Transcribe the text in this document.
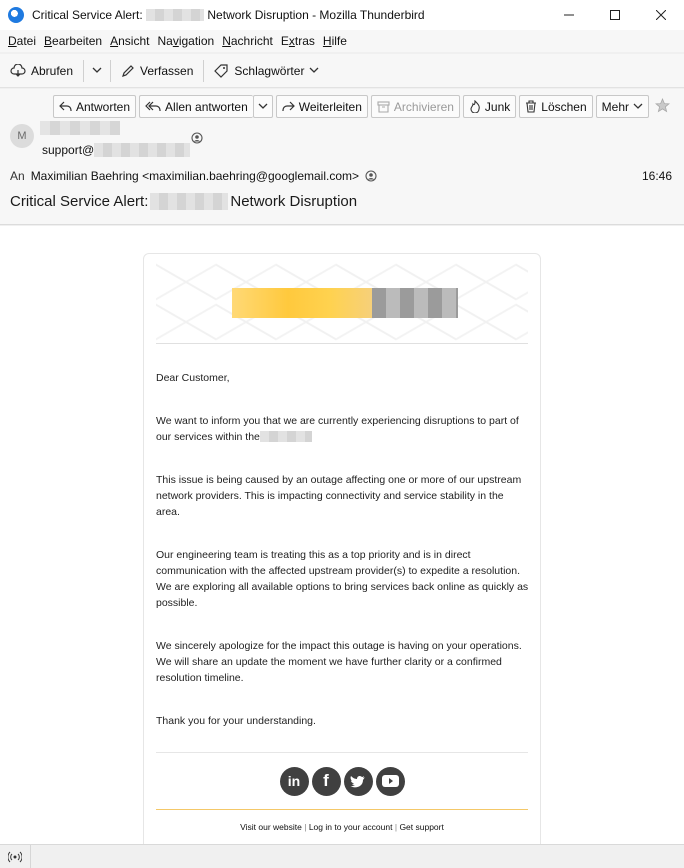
Critical Service Alert:	Network Disruption - Mozilla Thunderbird
Datei Bearbeiten Ansicht Navigation Nachricht Extras Hilfe
Abrufen	Verfassen	Schlagwörter
Antworten	Allen antworten	Weiterleiten	Archivieren	Junk	Löschen Mehr
M
support@
An Maximilian Baehring <maximilian.baehring@googlemail.com>	16:46
Critical Service Alert:	Network Disruption

Dear Customer,

We want to inform you that we are currently experiencing disruptions to part of our services within the

This issue is being caused by an outage affecting one or more of our upstream network providers. This is impacting connectivity and service stability in the area.

Our engineering team is treating this as a top priority and is in direct communication with the affected upstream provider(s) to expedite a resolution. We are exploring all available options to bring services back online as quickly as possible.

We sincerely apologize for the impact this outage is having on your operations. We will share an update the moment we have further clarity or a confirmed resolution timeline.

Thank you for your understanding.

in f
Visit our website | Log in to your account | Get support
